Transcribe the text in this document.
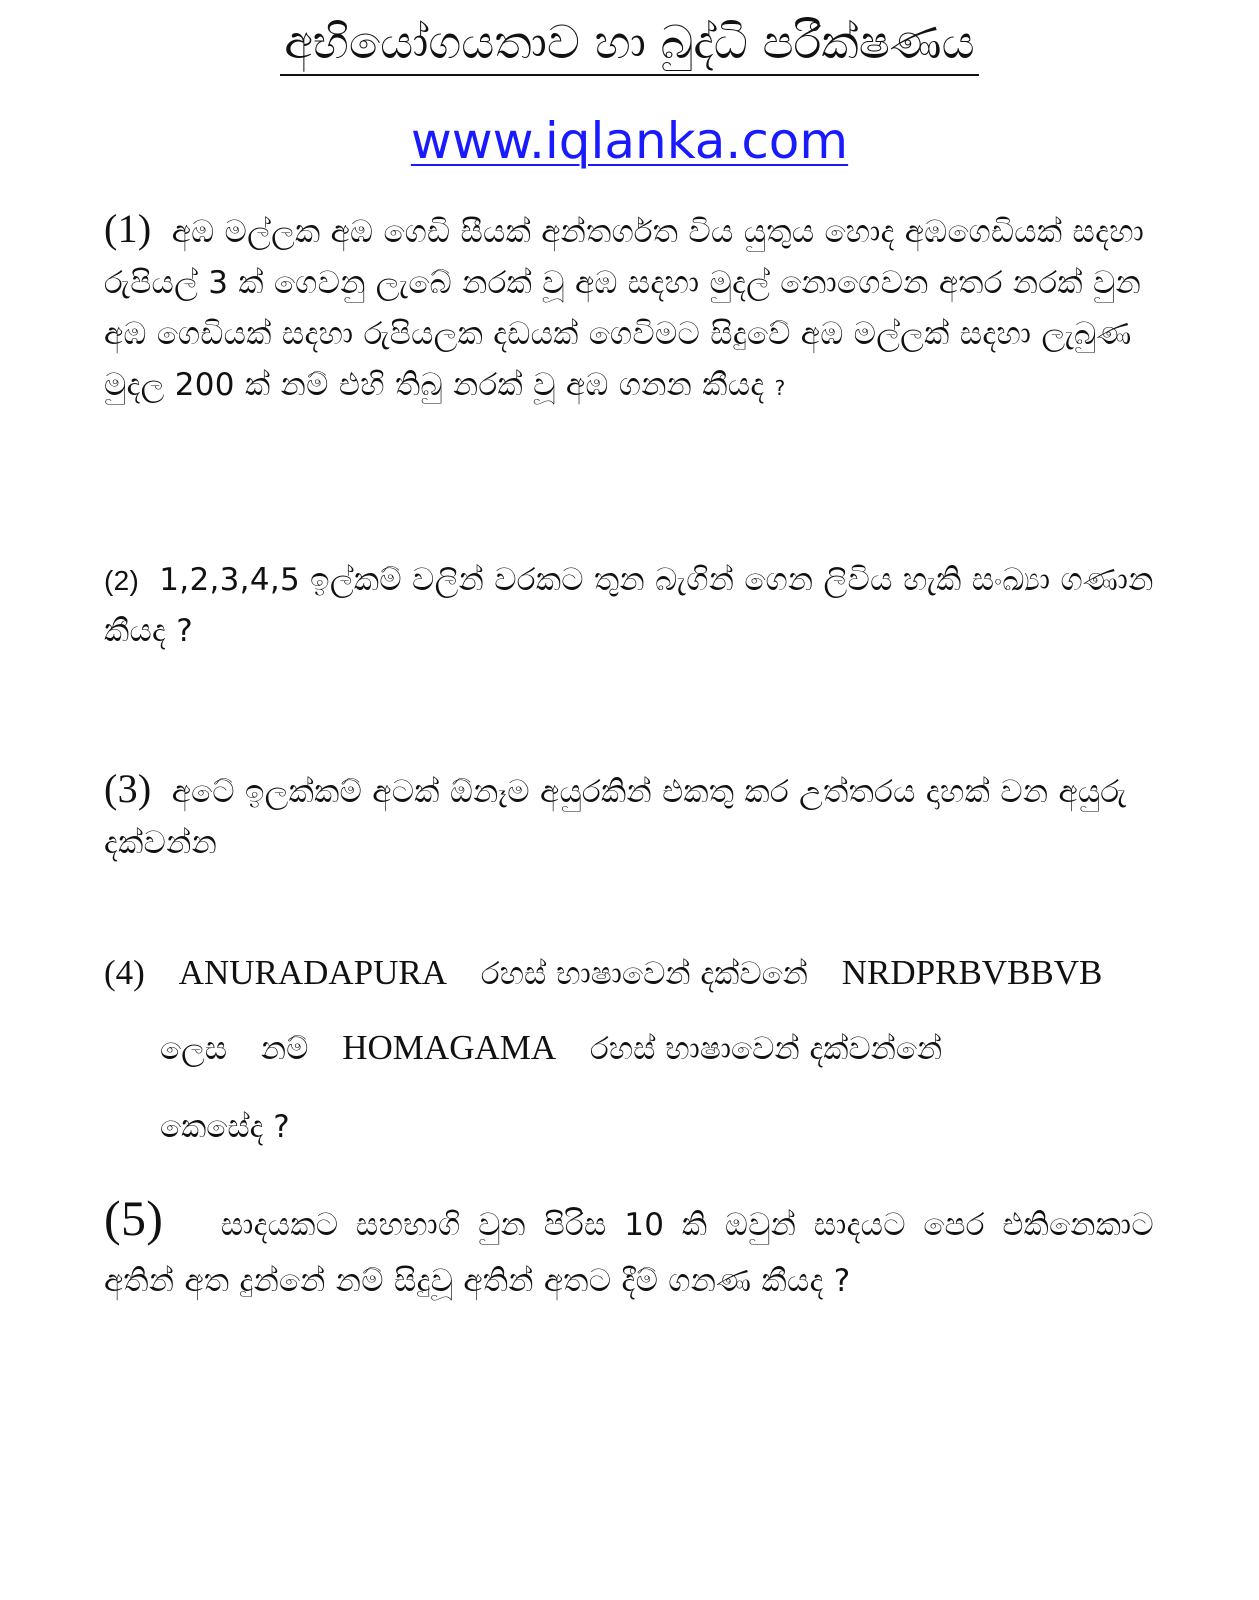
අභියෝගයතාව හා බුද්ධි පරීක්ෂණය
www.iqlanka.com

(1) අඹ මල්ලක අඹ ගෙඩි සීයක් අන්තර්ගත විය යුතුය හොද අඹගෙඩියක් සදහා රුපියල් 3 ක් ගෙවනු ලැබේ නරක් වූ අඹ සදහා මුදල් නොගෙවන අතර නරක් වුන අඹ ගෙඩියක් සදහා රුපියලක දඩයක් ගෙවිමට සිදුවේ අඹ මල්ලක් සදහා ලැබුණ මුදල 200 ක් නම් එහි තිබු නරක් වූ අඹ ගනන කීයද ?

(2) 1,2,3,4,5 ඉල්කම් වලින් වරකට තුන බැගින් ගෙන ලිවිය හැකි සංඛ්‍යා ගණාන කීයද ?

(3) අටේ ඉලක්කම් අටක් ඕනෑම අයුරකින් එකතු කර උත්තරය දාහක් වන අයුරු දක්වන්න

(4) ANURADAPURA රහස් භාෂාවෙන් දක්වනේ NRDPRBVBBVB
ලෙස නම් HOMAGAMA රහස් භාෂාවෙන් දක්වන්නේ
කෙසේද ?

(5) සාදයකට සහභාගි වුන පිරිස 10 කි ඔවුන් සාදයට පෙර එකිනෙකාට අතින් අත දුන්නේ නම් සිදුවූ අතින් අතට දීම් ගනණ කීයද ?
